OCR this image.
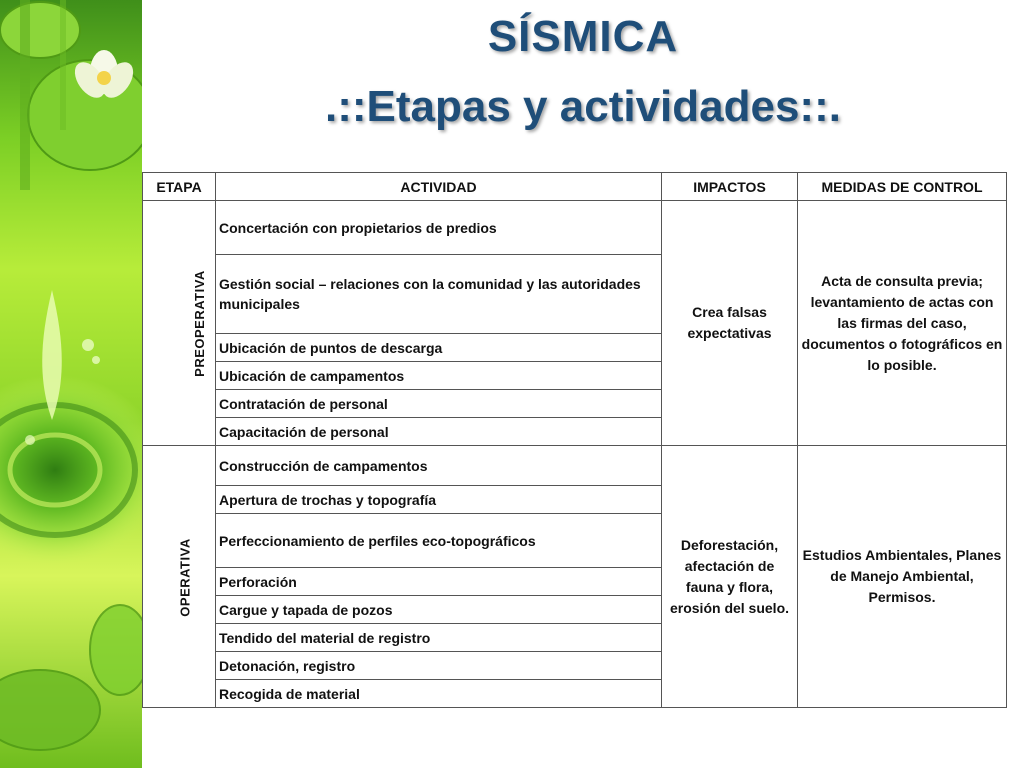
SÍSMICA
.::Etapas y actividades::.
ETAPA	ACTIVIDAD	IMPACTOS	MEDIDAS DE CONTROL
PREOPERATIVA	Concertación con propietarios de predios	Crea falsas expectativas	Acta de consulta previa; levantamiento de actas con las firmas del caso, documentos o fotográficos en lo posible.
	Gestión social – relaciones con la comunidad y las autoridades municipales		
	Ubicación de puntos de descarga		
	Ubicación de campamentos		
	Contratación de personal		
	Capacitación de personal		
OPERATIVA	Construcción de campamentos	Deforestación, afectación de fauna y flora, erosión del suelo.	Estudios Ambientales, Planes de Manejo Ambiental, Permisos.
	Apertura de trochas y topografía		
	Perfeccionamiento de perfiles eco-topográficos		
	Perforación		
	Cargue y tapada de pozos		
	Tendido del material de registro		
	Detonación, registro		
	Recogida de material		
